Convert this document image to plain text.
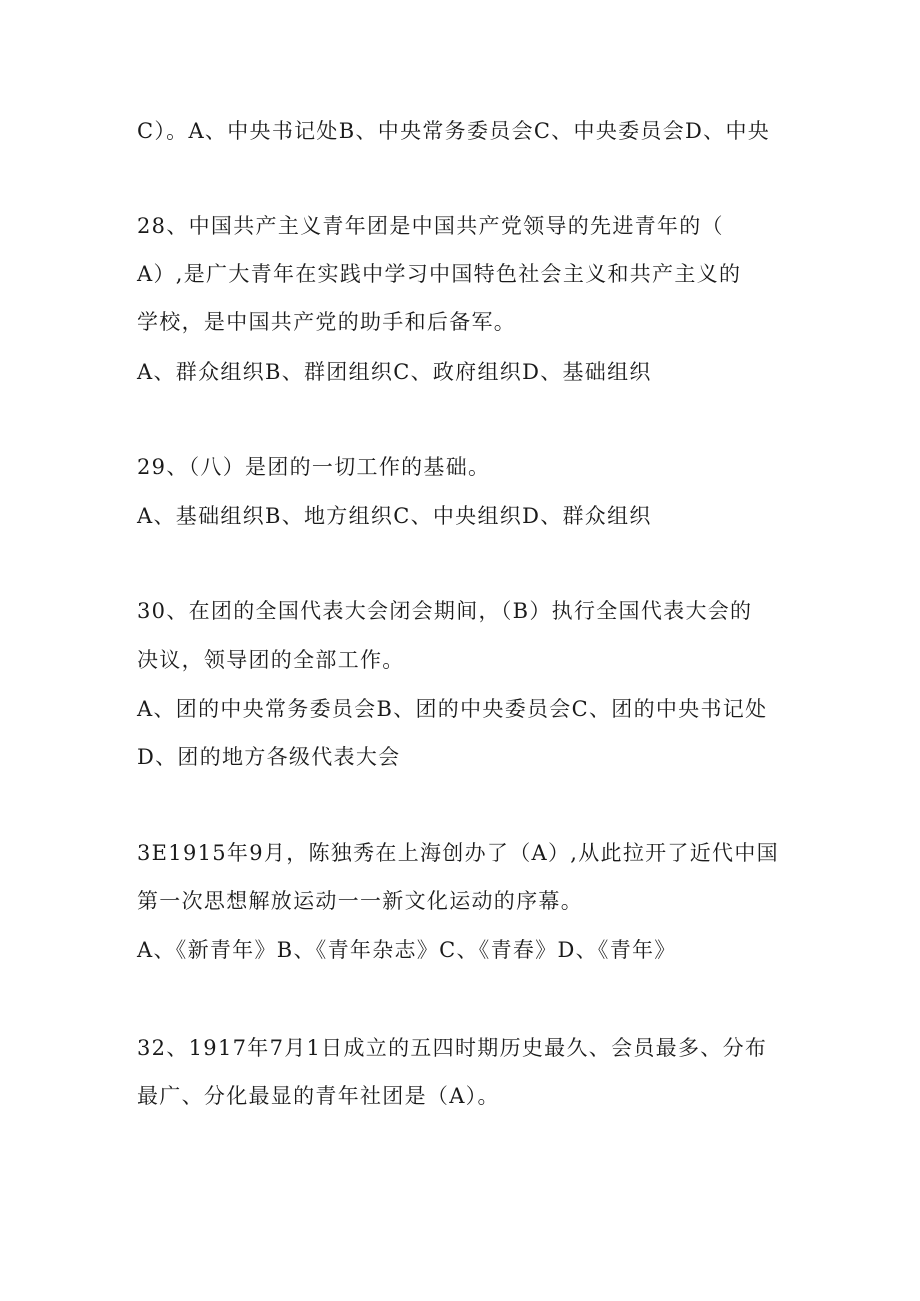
C）。A、中央书记处B、中央常务委员会C、中央委员会D、中央
28、中国共产主义青年团是中国共产党领导的先进青年的（
A）,是广大青年在实践中学习中国特色社会主义和共产主义的
学校，是中国共产党的助手和后备军。
A、群众组织B、群团组织C、政府组织D、基础组织
29、（八）是团的一切工作的基础。
A、基础组织B、地方组织C、中央组织D、群众组织
30、在团的全国代表大会闭会期间，（B）执行全国代表大会的
决议，领导团的全部工作。
A、团的中央常务委员会B、团的中央委员会C、团的中央书记处
D、团的地方各级代表大会
3E1915年9月，陈独秀在上海创办了（A）,从此拉开了近代中国
第一次思想解放运动一一新文化运动的序幕。
A、《新青年》B、《青年杂志》C、《青春》D、《青年》
32、1917年7月1日成立的五四时期历史最久、会员最多、分布
最广、分化最显的青年社团是（A）。
